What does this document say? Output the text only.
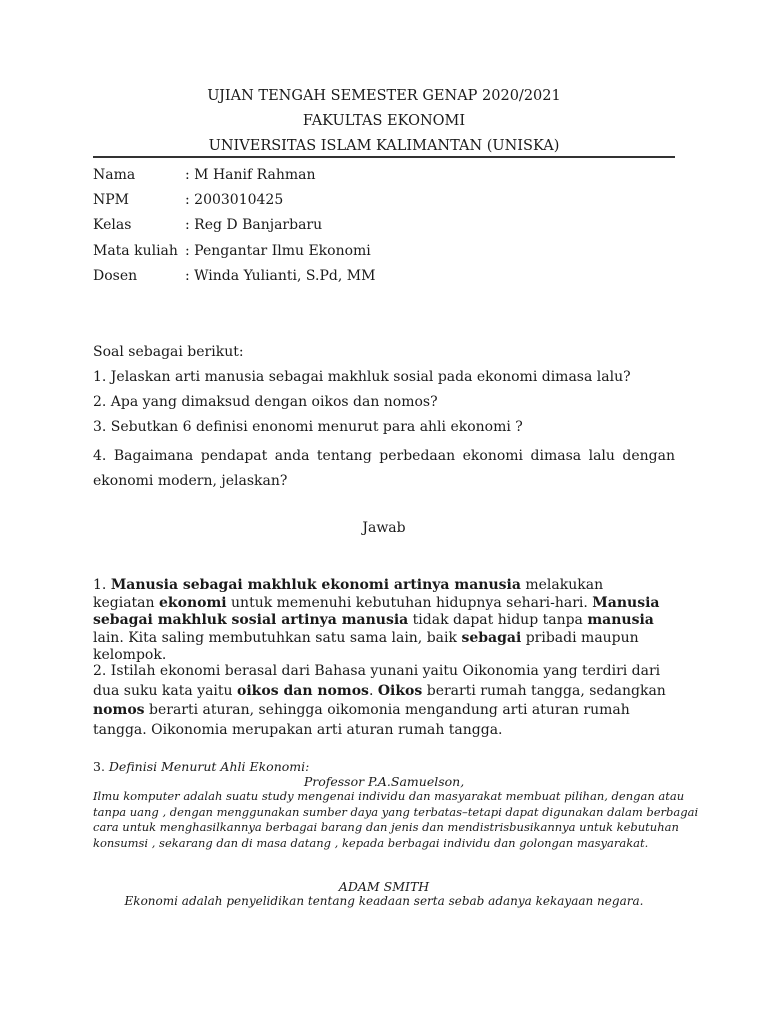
UJIAN TENGAH SEMESTER GENAP 2020/2021
FAKULTAS EKONOMI
UNIVERSITAS ISLAM KALIMANTAN (UNISKA)
Nama	: M Hanif Rahman
NPM	: 2003010425
Kelas	: Reg D Banjarbaru
Mata kuliah : Pengantar Ilmu Ekonomi
Dosen	: Winda Yulianti, S.Pd, MM
Soal sebagai berikut:
1. Jelaskan arti manusia sebagai makhluk sosial pada ekonomi dimasa lalu?
2. Apa yang dimaksud dengan oikos dan nomos?
3. Sebutkan 6 definisi enonomi menurut para ahli ekonomi ?
4. Bagaimana pendapat anda tentang perbedaan ekonomi dimasa lalu dengan ekonomi modern, jelaskan?
Jawab
1. Manusia sebagai makhluk ekonomi artinya manusia melakukan
kegiatan ekonomi untuk memenuhi kebutuhan hidupnya sehari-hari. Manusia sebagai makhluk sosial artinya manusia tidak dapat hidup tanpa manusia lain. Kita saling membutuhkan satu sama lain, baik sebagai pribadi maupun kelompok.
2. Istilah ekonomi berasal dari Bahasa yunani yaitu Oikonomia yang terdiri dari dua suku kata yaitu oikos dan nomos. Oikos berarti rumah tangga, sedangkan nomos berarti aturan, sehingga oikomonia mengandung arti aturan rumah tangga. Oikonomia merupakan arti aturan rumah tangga.
3. Definisi Menurut Ahli Ekonomi:
Professor P.A.Samuelson,
Ilmu komputer adalah suatu study mengenai individu dan masyarakat membuat pilihan, dengan atau tanpa uang , dengan menggunakan sumber daya yang terbatas–tetapi dapat digunakan dalam berbagai cara untuk menghasilkannya berbagai barang dan jenis dan mendistrisbusikannya untuk kebutuhan konsumsi , sekarang dan di masa datang , kepada berbagai individu dan golongan masyarakat.
ADAM SMITH
Ekonomi adalah penyelidikan tentang keadaan serta sebab adanya kekayaan negara.
